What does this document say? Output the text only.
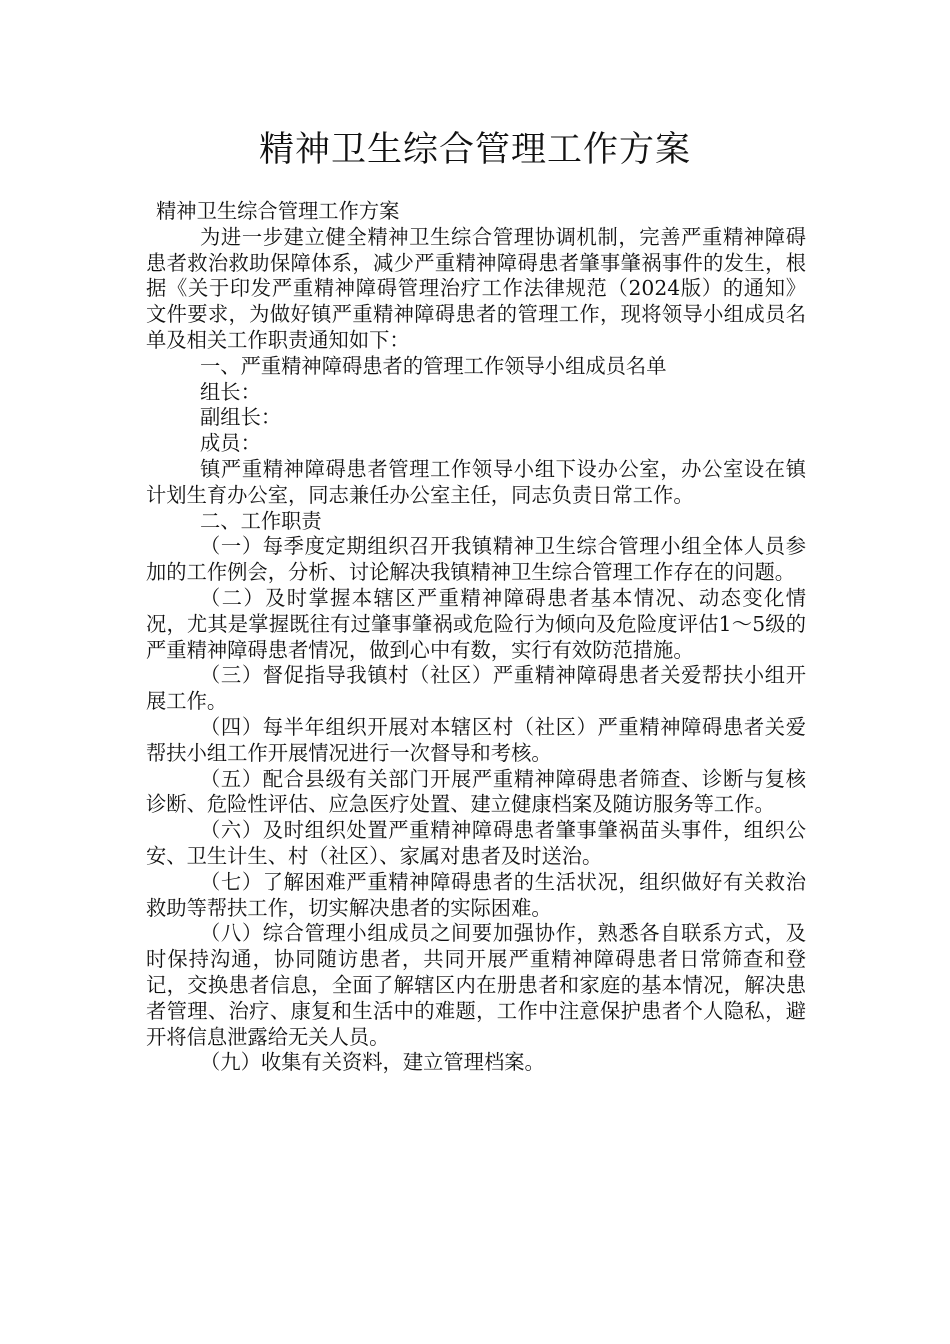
精神卫生综合管理工作方案

精神卫生综合管理工作方案

为进一步建立健全精神卫生综合管理协调机制，完善严重精神障碍患者救治救助保障体系，减少严重精神障碍患者肇事肇祸事件的发生，根据《关于印发严重精神障碍管理治疗工作法律规范（2024版）的通知》文件要求，为做好镇严重精神障碍患者的管理工作，现将领导小组成员名单及相关工作职责通知如下：

一、严重精神障碍患者的管理工作领导小组成员名单

组长：

副组长：

成员：

镇严重精神障碍患者管理工作领导小组下设办公室，办公室设在镇计划生育办公室，同志兼任办公室主任，同志负责日常工作。

二、工作职责

（一）每季度定期组织召开我镇精神卫生综合管理小组全体人员参加的工作例会，分析、讨论解决我镇精神卫生综合管理工作存在的问题。

（二）及时掌握本辖区严重精神障碍患者基本情况、动态变化情况，尤其是掌握既往有过肇事肇祸或危险行为倾向及危险度评估1～5级的严重精神障碍患者情况，做到心中有数，实行有效防范措施。

（三）督促指导我镇村（社区）严重精神障碍患者关爱帮扶小组开展工作。

（四）每半年组织开展对本辖区村（社区）严重精神障碍患者关爱帮扶小组工作开展情况进行一次督导和考核。

（五）配合县级有关部门开展严重精神障碍患者筛查、诊断与复核诊断、危险性评估、应急医疗处置、建立健康档案及随访服务等工作。

（六）及时组织处置严重精神障碍患者肇事肇祸苗头事件，组织公安、卫生计生、村（社区）、家属对患者及时送治。

（七）了解困难严重精神障碍患者的生活状况，组织做好有关救治救助等帮扶工作，切实解决患者的实际困难。

（八）综合管理小组成员之间要加强协作，熟悉各自联系方式，及时保持沟通，协同随访患者，共同开展严重精神障碍患者日常筛查和登记，交换患者信息，全面了解辖区内在册患者和家庭的基本情况，解决患者管理、治疗、康复和生活中的难题，工作中注意保护患者个人隐私，避开将信息泄露给无关人员。

（九）收集有关资料，建立管理档案。
